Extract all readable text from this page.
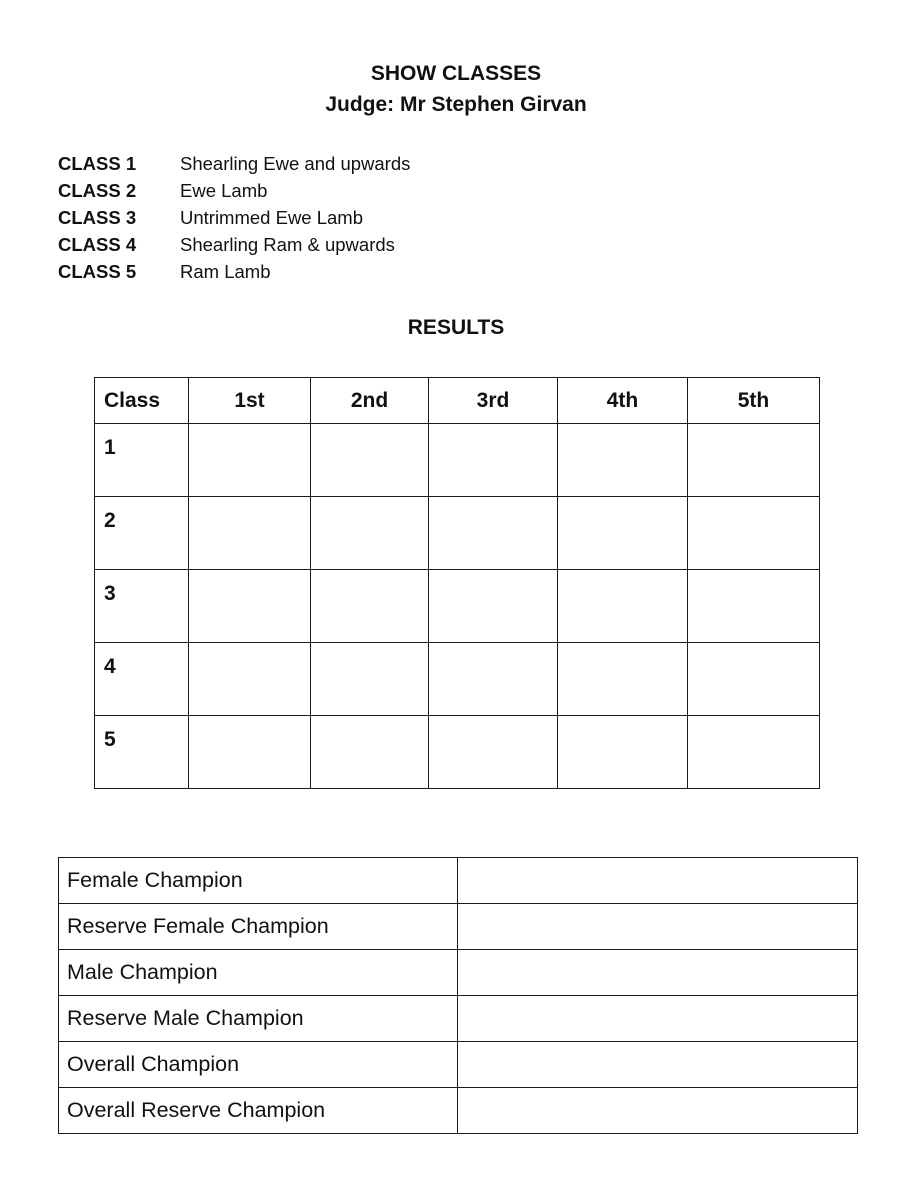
SHOW CLASSES
Judge: Mr Stephen Girvan
CLASS 1	Shearling Ewe and upwards
CLASS 2	Ewe Lamb
CLASS 3	Untrimmed Ewe Lamb
CLASS 4	Shearling Ram & upwards
CLASS 5	Ram Lamb
RESULTS
Class	1st	2nd	3rd	4th	5th
1					
2					
3					
4					
5					
Female Champion	
Reserve Female Champion	
Male Champion	
Reserve Male Champion	
Overall Champion	
Overall Reserve Champion	
